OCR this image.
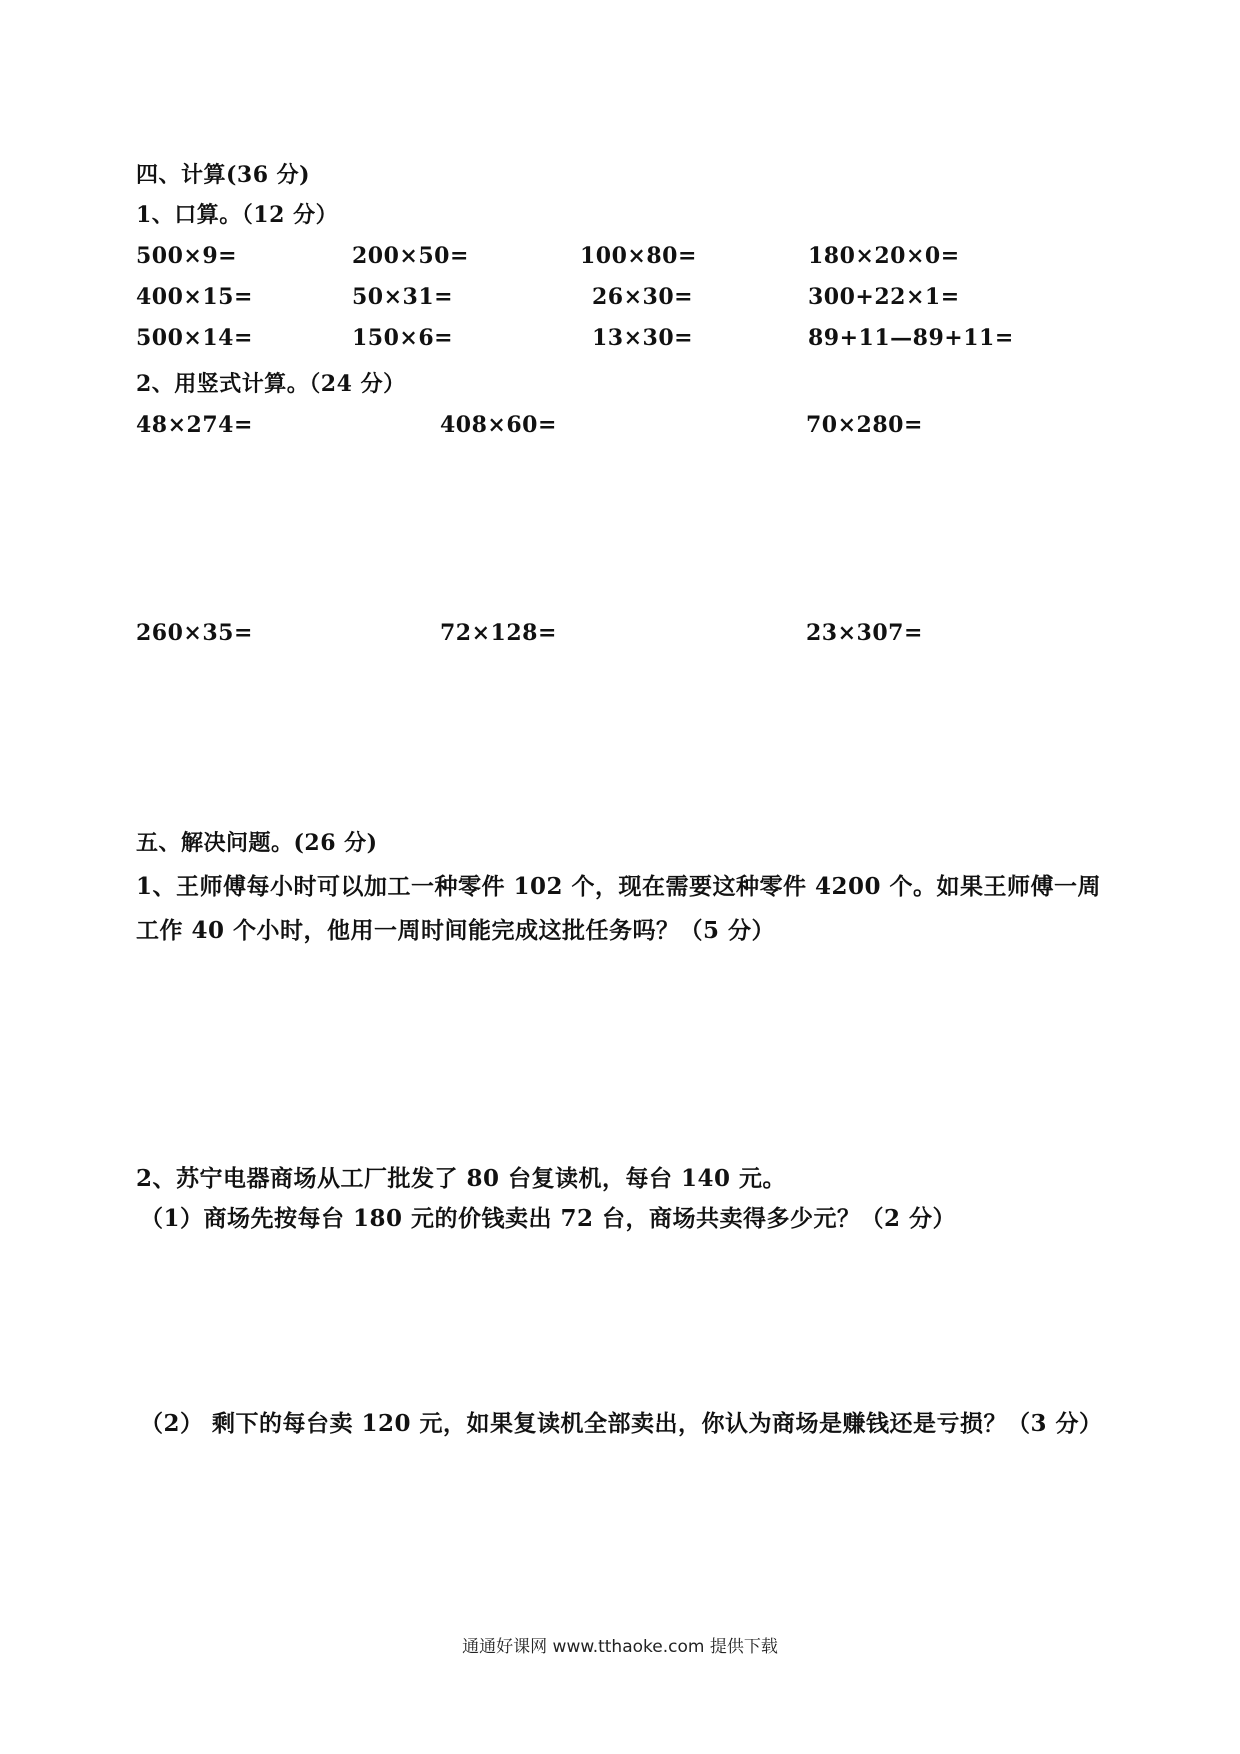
四、计算(36 分)
1、口算。（12 分）
500×9=	200×50=	100×80=	180×20×0=
400×15=	50×31=	26×30=	300+22×1=
500×14=	150×6=	13×30=	89+11—89+11=
2、用竖式计算。（24 分）
48×274=	408×60=	70×280=
260×35=	72×128=	23×307=
五、解决问题。(26 分)
1、王师傅每小时可以加工一种零件 102 个，现在需要这种零件 4200 个。如果王师傅一周
工作 40 个小时，他用一周时间能完成这批任务吗？（5 分）
2、苏宁电器商场从工厂批发了 80 台复读机，每台 140 元。
（1）商场先按每台 180 元的价钱卖出 72 台，商场共卖得多少元？（2 分）
（2） 剩下的每台卖 120 元，如果复读机全部卖出，你认为商场是赚钱还是亏损？（3 分）
通通好课网 www.tthaoke.com 提供下载
